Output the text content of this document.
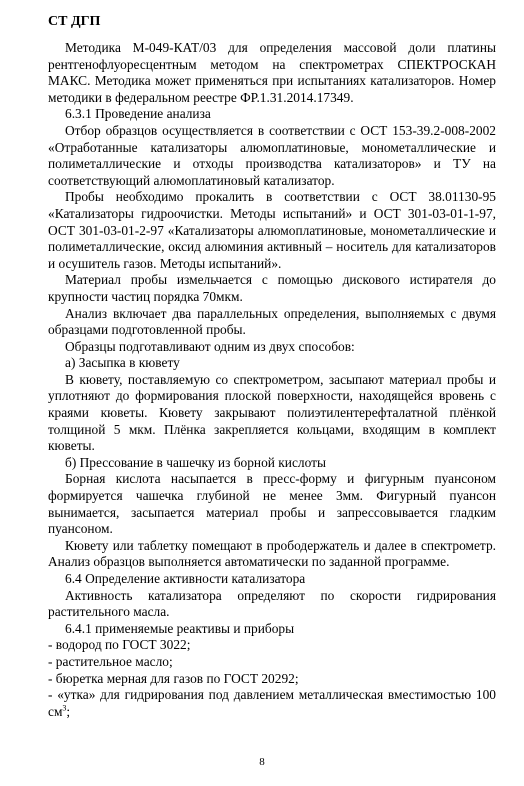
СТ ДГП

Методика М-049-КАТ/03 для определения массовой доли платины рентгенофлуоресцентным методом на спектрометрах СПЕКТРОСКАН МАКС. Методика может применяться при испытаниях катализаторов. Номер методики в федеральном реестре ФР.1.31.2014.17349.

6.3.1 Проведение анализа

Отбор образцов осуществляется в соответствии с ОСТ 153-39.2-008-2002 «Отработанные катализаторы алюмоплатиновые, монометаллические и полиметаллические и отходы производства катализаторов» и ТУ на соответствующий алюмоплатиновый катализатор.

Пробы необходимо прокалить в соответствии с ОСТ 38.01130-95 «Катализаторы гидроочистки. Методы испытаний» и ОСТ 301-03-01-1-97, ОСТ 301-03-01-2-97 «Катализаторы алюмоплатиновые, монометаллические и полиметаллические, оксид алюминия активный – носитель для катализаторов и осушитель газов. Методы испытаний».

Материал пробы измельчается с помощью дискового истирателя до крупности частиц порядка 70мкм.

Анализ включает два параллельных определения, выполняемых с двумя образцами подготовленной пробы.

Образцы подготавливают одним из двух способов:

а) Засыпка в кювету

В кювету, поставляемую со спектрометром, засыпают материал пробы и уплотняют до формирования плоской поверхности, находящейся вровень с краями кюветы. Кювету закрывают полиэтилентерефталатной плёнкой толщиной 5 мкм. Плёнка закрепляется кольцами, входящим в комплект кюветы.

б) Прессование в чашечку из борной кислоты

Борная кислота насыпается в пресс-форму и фигурным пуансоном формируется чашечка глубиной не менее 3мм. Фигурный пуансон вынимается, засыпается материал пробы и запрессовывается гладким пуансоном.

Кювету или таблетку помещают в прободержатель и далее в спектрометр. Анализ образцов выполняется автоматически по заданной программе.

6.4 Определение активности катализатора

Активность катализатора определяют по скорости гидрирования растительного масла.

6.4.1 применяемые реактивы и приборы

- водород по ГОСТ 3022;

- растительное масло;

- бюретка мерная для газов по ГОСТ 20292;

- «утка» для гидрирования под давлением металлическая вместимостью 100 $см^3$;

8
